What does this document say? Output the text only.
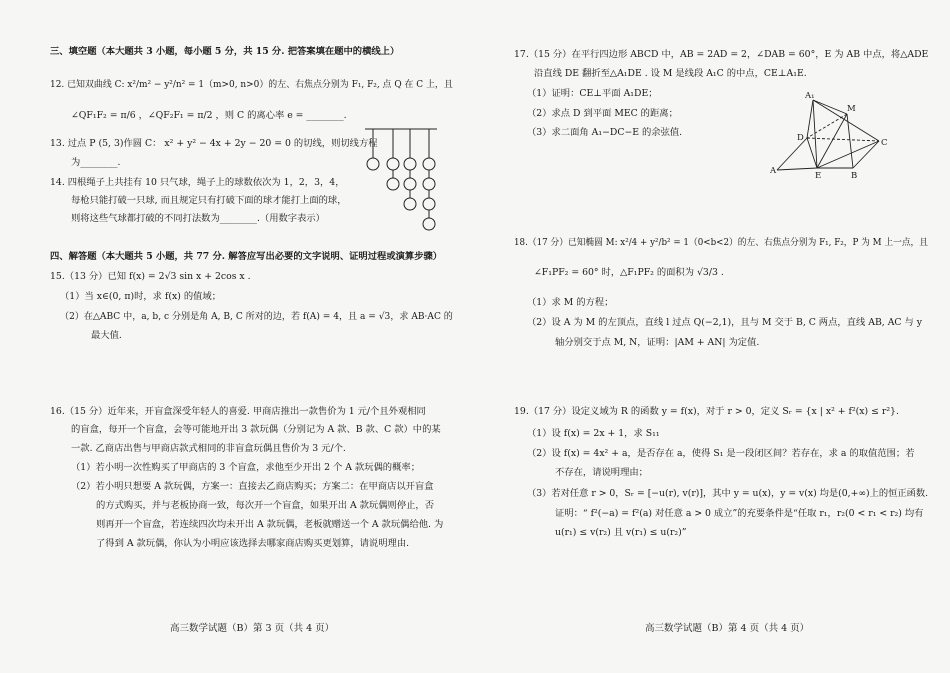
三、填空题（本大题共 3 小题，每小题 5 分，共 15 分. 把答案填在题中的横线上）
12. 已知双曲线 C: x²/m² − y²/n² = 1（m>0, n>0）的左、右焦点分别为 F₁, F₂, 点 Q 在 C 上，且
∠QF₁F₂ = π/6 ，∠QF₂F₁ = π/2 ，则 C 的离心率 e = ________.
13. 过点 P (5, 3)作圆 C： x² + y² − 4x + 2y − 20 = 0 的切线，则切线方程
为________.
14. 四根绳子上共挂有 10 只气球，绳子上的球数依次为 1，2，3，4，
每枪只能打破一只球, 而且规定只有打破下面的球才能打上面的球，
则将这些气球都打破的不同打法数为________.（用数字表示）
四、解答题（本大题共 5 小题，共 77 分. 解答应写出必要的文字说明、证明过程或演算步骤）
15.（13 分）已知 f(x) = 2√3 sin x + 2cos x .
（1）当 x∈(0, π)时，求 f(x) 的值域；
（2）在△ABC 中，a, b, c 分别是角 A, B, C 所对的边，若 f(A) = 4，且 a = √3，求 AB·AC 的
最大值.
16.（15 分）近年来，开盲盒深受年轻人的喜爱. 甲商店推出一款售价为 1 元/个且外观相同
的盲盒，每开一个盲盒，会等可能地开出 3 款玩偶（分别记为 A 款、B 款、C 款）中的某
一款. 乙商店出售与甲商店款式相同的非盲盒玩偶且售价为 3 元/个.
（1）若小明一次性购买了甲商店的 3 个盲盒，求他至少开出 2 个 A 款玩偶的概率；
（2）若小明只想要 A 款玩偶，方案一：直接去乙商店购买；方案二：在甲商店以开盲盒
的方式购买，并与老板协商一致，每次开一个盲盒，如果开出 A 款玩偶则停止，否
则再开一个盲盒，若连续四次均未开出 A 款玩偶，老板就赠送一个 A 款玩偶给他. 为
了得到 A 款玩偶，你认为小明应该选择去哪家商店购买更划算，请说明理由.
高三数学试题（B）第 3 页（共 4 页）
17.（15 分）在平行四边形 ABCD 中，AB = 2AD = 2，∠DAB = 60°，E 为 AB 中点，将△ADE
沿直线 DE 翻折至△A₁DE . 设 M 是线段 A₁C 的中点，CE⊥A₁E.
（1）证明：CE⊥平面 A₁DE；
（2）求点 D 到平面 MEC 的距离；
（3）求二面角 A₁−DC−E 的余弦值.
A₁
M
D	C
A	E	B
18.（17 分）已知椭圆 M: x²/4 + y²/b² = 1（0<b<2）的左、右焦点分别为 F₁, F₂，P 为 M 上一点，且
∠F₁PF₂ = 60° 时，△F₁PF₂ 的面积为 √3/3 .
（1）求 M 的方程；
（2）设 A 为 M 的左顶点，直线 l 过点 Q(−2,1)，且与 M 交于 B, C 两点，直线 AB, AC 与 y
轴分别交于点 M, N，证明：|AM + AN| 为定值.
19.（17 分）设定义域为 R 的函数 y = f(x)，对于 r > 0，定义 Sᵣ = {x | x² + f²(x) ≤ r²}.
（1）设 f(x) = 2x + 1，求 S₁₁
（2）设 f(x) = 4x² + a，是否存在 a，使得 S₁ 是一段闭区间？若存在，求 a 的取值范围；若
不存在，请说明理由；
（3）若对任意 r > 0，Sᵣ = [−u(r), v(r)]，其中 y = u(x)，y = v(x) 均是(0,+∞)上的恒正函数.
证明：“ f²(−a) = f²(a) 对任意 a > 0 成立”的充要条件是“任取 r₁，r₂(0 < r₁ < r₂) 均有
u(r₁) ≤ v(r₂) 且 v(r₁) ≤ u(r₂)”
高三数学试题（B）第 4 页（共 4 页）
